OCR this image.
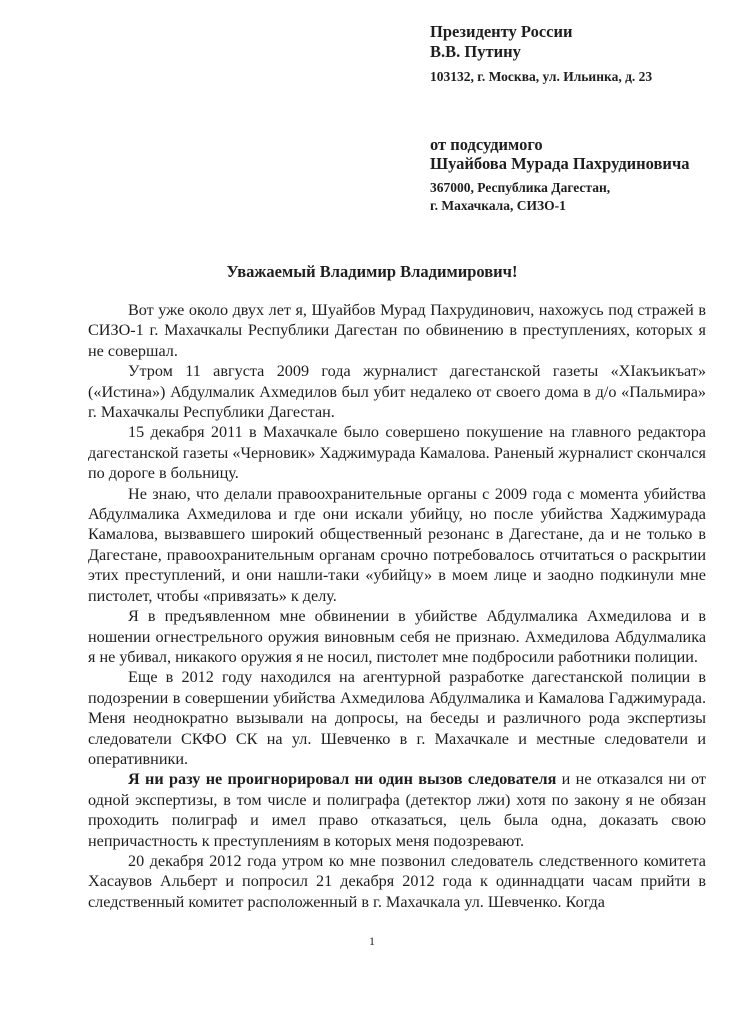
Президенту России
В.В. Путину
103132, г. Москва, ул. Ильинка, д. 23
от подсудимого
Шуайбова Мурада Пахрудиновича
367000, Республика Дагестан,
г. Махачкала, СИЗО-1
Уважаемый Владимир Владимирович!

Вот уже около двух лет я, Шуайбов Мурад Пахрудинович, нахожусь под стражей в СИЗО-1 г. Махачкалы Республики Дагестан по обвинению в преступлениях, которых я не совершал.

Утром 11 августа 2009 года журналист дагестанской газеты «ХIакъикъат» («Истина») Абдулмалик Ахмедилов был убит недалеко от своего дома в д/о «Пальмира» г. Махачкалы Республики Дагестан.

15 декабря 2011 в Махачкале было совершено покушение на главного редактора дагестанской газеты «Черновик» Хаджимурада Камалова. Раненый журналист скончался по дороге в больницу.

Не знаю, что делали правоохранительные органы с 2009 года с момента убийства Абдулмалика Ахмедилова и где они искали убийцу, но после убийства Хаджимурада Камалова, вызвавшего широкий общественный резонанс в Дагестане, да и не только в Дагестане, правоохранительным органам срочно потребовалось отчитаться о раскрытии этих преступлений, и они нашли-таки «убийцу» в моем лице и заодно подкинули мне пистолет, чтобы «привязать» к делу.

Я в предъявленном мне обвинении в убийстве Абдулмалика Ахмедилова и в ношении огнестрельного оружия виновным себя не признаю. Ахмедилова Абдулмалика я не убивал, никакого оружия я не носил, пистолет мне подбросили работники полиции.

Еще в 2012 году находился на агентурной разработке дагестанской полиции в подозрении в совершении убийства Ахмедилова Абдулмалика и Камалова Гаджимурада. Меня неоднократно вызывали на допросы, на беседы и различного рода экспертизы следователи СКФО СК на ул. Шевченко в г. Махачкале и местные следователи и оперативники.

Я ни разу не проигнорировал ни один вызов следователя и не отказался ни от одной экспертизы, в том числе и полиграфа (детектор лжи) хотя по закону я не обязан проходить полиграф и имел право отказаться, цель была одна, доказать свою непричастность к преступлениям в которых меня подозревают.

20 декабря 2012 года утром ко мне позвонил следователь следственного комитета Хасаувов Альберт и попросил 21 декабря 2012 года к одиннадцати часам прийти в следственный комитет расположенный в г. Махачкала ул. Шевченко. Когда

1
